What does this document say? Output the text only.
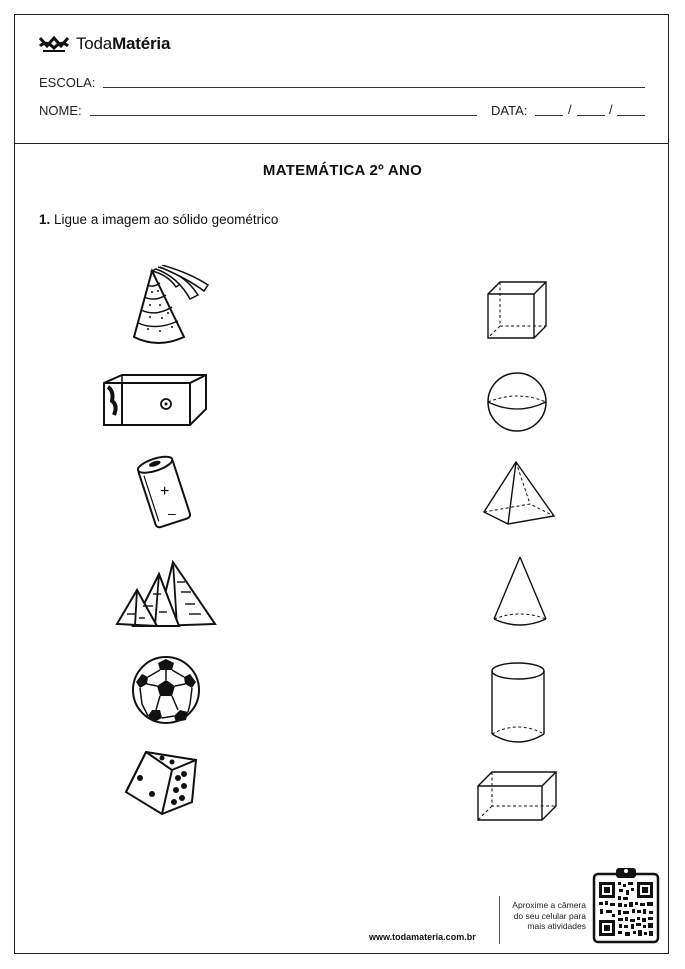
TodaMatéria
ESCOLA:
NOME:	DATA:	/	/
MATEMÁTICA 2º ANO
1. Ligue a imagem ao sólido geométrico
+
–
www.todamateria.com.br
Aproxime a câmera do seu celular para mais atividades
